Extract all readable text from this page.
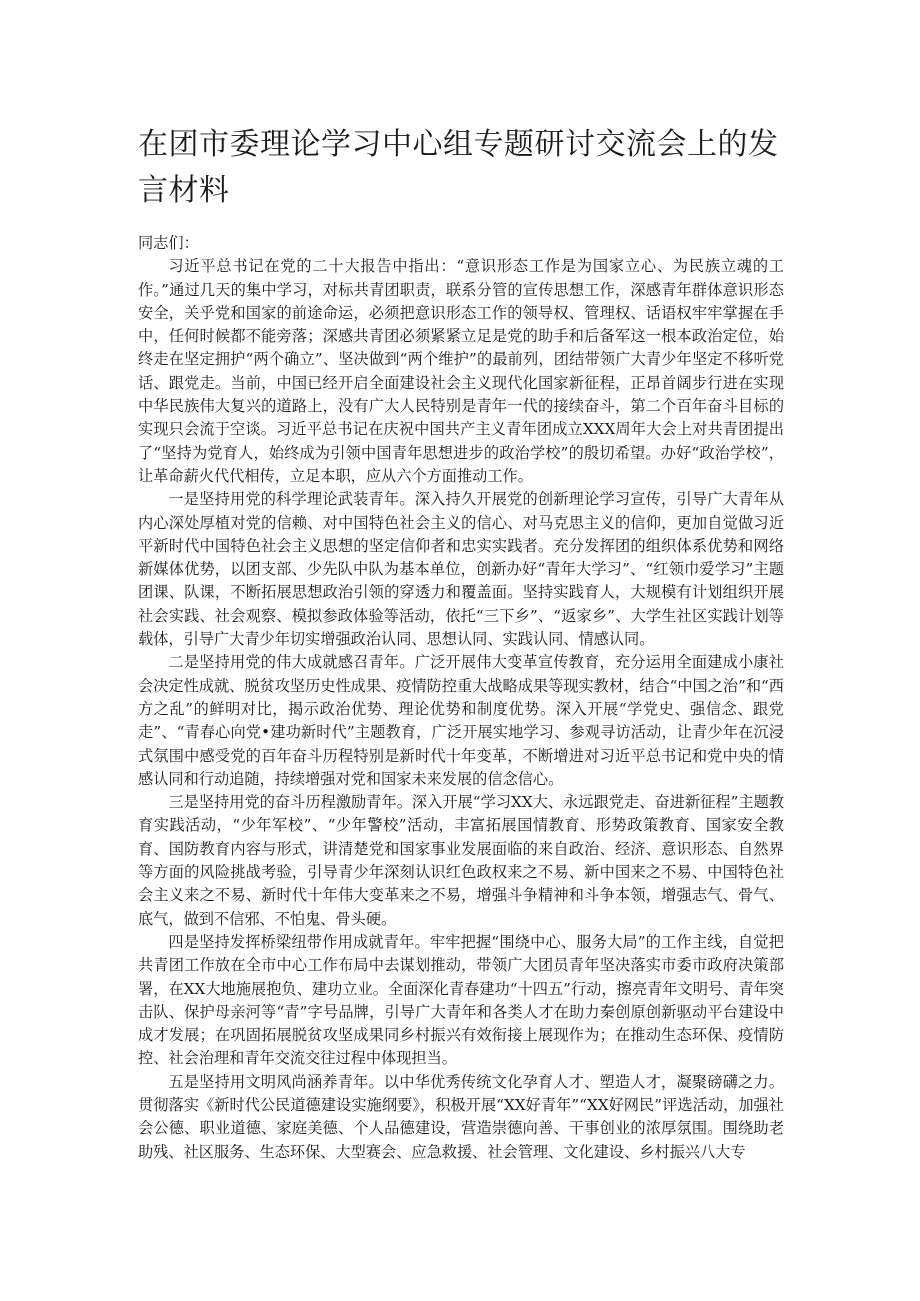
在团市委理论学习中心组专题研讨交流会上的发言材料

同志们：

习近平总书记在党的二十大报告中指出：“意识形态工作是为国家立心、为民族立魂的工作。”通过几天的集中学习，对标共青团职责，联系分管的宣传思想工作，深感青年群体意识形态安全，关乎党和国家的前途命运，必须把意识形态工作的领导权、管理权、话语权牢牢掌握在手中，任何时候都不能旁落；深感共青团必须紧紧立足是党的助手和后备军这一根本政治定位，始终走在坚定拥护“两个确立”、坚决做到“两个维护”的最前列，团结带领广大青少年坚定不移听党话、跟党走。当前，中国已经开启全面建设社会主义现代化国家新征程，正昂首阔步行进在实现中华民族伟大复兴的道路上，没有广大人民特别是青年一代的接续奋斗，第二个百年奋斗目标的实现只会流于空谈。习近平总书记在庆祝中国共产主义青年团成立XXX周年大会上对共青团提出了“坚持为党育人，始终成为引领中国青年思想进步的政治学校”的殷切希望。办好“政治学校”，让革命薪火代代相传，立足本职，应从六个方面推动工作。

一是坚持用党的科学理论武装青年。深入持久开展党的创新理论学习宣传，引导广大青年从内心深处厚植对党的信赖、对中国特色社会主义的信心、对马克思主义的信仰，更加自觉做习近平新时代中国特色社会主义思想的坚定信仰者和忠实实践者。充分发挥团的组织体系优势和网络新媒体优势，以团支部、少先队中队为基本单位，创新办好“青年大学习”、“红领巾爱学习”主题团课、队课，不断拓展思想政治引领的穿透力和覆盖面。坚持实践育人，大规模有计划组织开展社会实践、社会观察、模拟参政体验等活动，依托“三下乡”、“返家乡”、大学生社区实践计划等载体，引导广大青少年切实增强政治认同、思想认同、实践认同、情感认同。

二是坚持用党的伟大成就感召青年。广泛开展伟大变革宣传教育，充分运用全面建成小康社会决定性成就、脱贫攻坚历史性成果、疫情防控重大战略成果等现实教材，结合“中国之治”和“西方之乱”的鲜明对比，揭示政治优势、理论优势和制度优势。深入开展“学党史、强信念、跟党走”、“青春心向党•建功新时代”主题教育，广泛开展实地学习、参观寻访活动，让青少年在沉浸式氛围中感受党的百年奋斗历程特别是新时代十年变革，不断增进对习近平总书记和党中央的情感认同和行动追随，持续增强对党和国家未来发展的信念信心。

三是坚持用党的奋斗历程激励青年。深入开展“学习XX大、永远跟党走、奋进新征程”主题教育实践活动，“少年军校”、“少年警校”活动，丰富拓展国情教育、形势政策教育、国家安全教育、国防教育内容与形式，讲清楚党和国家事业发展面临的来自政治、经济、意识形态、自然界等方面的风险挑战考验，引导青少年深刻认识红色政权来之不易、新中国来之不易、中国特色社会主义来之不易、新时代十年伟大变革来之不易，增强斗争精神和斗争本领，增强志气、骨气、底气，做到不信邪、不怕鬼、骨头硬。

四是坚持发挥桥梁纽带作用成就青年。牢牢把握“围绕中心、服务大局”的工作主线，自觉把共青团工作放在全市中心工作布局中去谋划推动，带领广大团员青年坚决落实市委市政府决策部署，在XX大地施展抱负、建功立业。全面深化青春建功“十四五”行动，擦亮青年文明号、青年突击队、保护母亲河等“青”字号品牌，引导广大青年和各类人才在助力秦创原创新驱动平台建设中成才发展；在巩固拓展脱贫攻坚成果同乡村振兴有效衔接上展现作为；在推动生态环保、疫情防控、社会治理和青年交流交往过程中体现担当。

五是坚持用文明风尚涵养青年。以中华优秀传统文化孕育人才、塑造人才，凝聚磅礴之力。贯彻落实《新时代公民道德建设实施纲要》，积极开展“XX好青年”“XX好网民”评选活动，加强社会公德、职业道德、家庭美德、个人品德建设，营造崇德向善、干事创业的浓厚氛围。围绕助老助残、社区服务、生态环保、大型赛会、应急救援、社会管理、文化建设、乡村振兴八大专
